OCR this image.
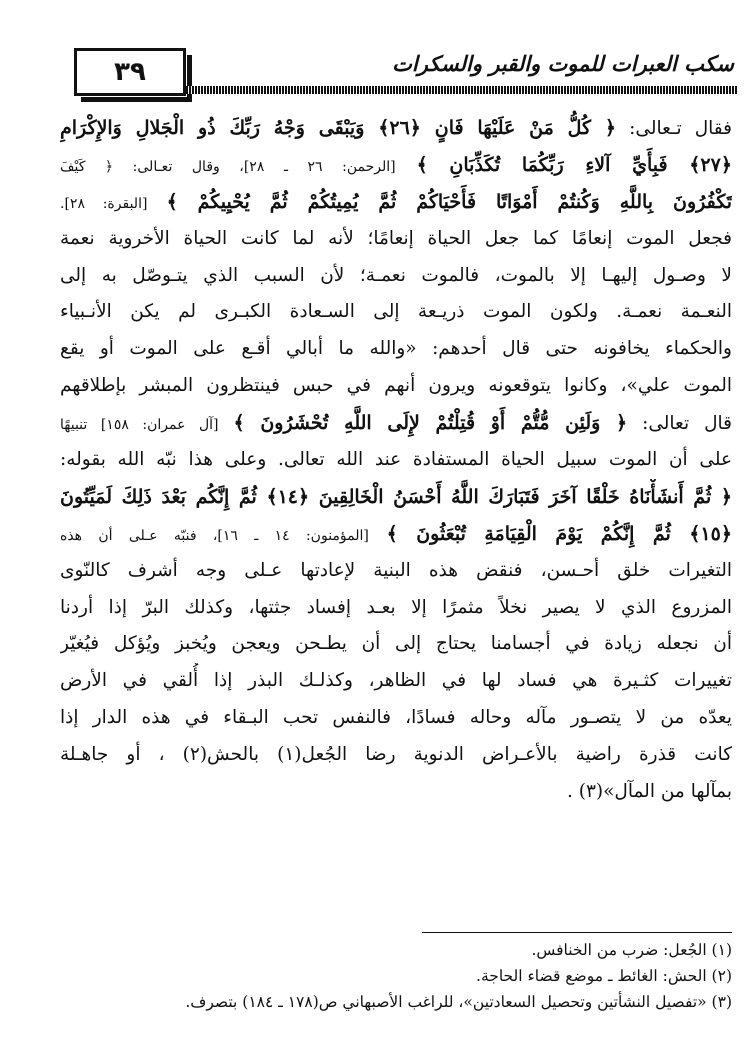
٣٩	سكب العبرات للموت والقبر والسكرات
فقال تـعالى: ﴿ كُلُّ مَنْ عَلَيْهَا فَانٍ ﴿٢٦﴾ وَيَبْقَى وَجْهُ رَبِّكَ ذُو الْجَلالِ وَالإِكْرَامِ
﴿٢٧﴾ فَبِأَيِّ آلاءِ رَبِّكُمَا تُكَذِّبَانِ ﴾ [الرحمن: ٢٦ ـ ٢٨]، وقال تعـالى: ﴿ كَيْفَ
تَكْفُرُونَ بِاللَّهِ وَكُنتُمْ أَمْوَاتًا فَأَحْيَاكُمْ ثُمَّ يُمِيتُكُمْ ثُمَّ يُحْيِيكُمْ ﴾ [البقرة: ٢٨].
فجعل الموت إنعامًا كما جعل الحياة إنعامًا؛ لأنه لما كانت الحياة الأخروية نعمة
لا وصـول إليهـا إلا بالموت، فالموت نعمـة؛ لأن السبب الذي يتـوصّل به إلى
النعـمة نعمـة. ولكون الموت ذريـعة إلى السـعادة الكبـرى لم يكن الأنـبياء
والحكماء يخافونه حتى قال أحدهم: «والله ما أبالي أقـع على الموت أو يقع
الموت علي»، وكانوا يتوقعونه ويرون أنهم في حبس فينتظرون المبشر بإطلاقهم
قال تعالى: ﴿ وَلَئِن مُّتُّمْ أَوْ قُتِلْتُمْ لإِلَى اللَّهِ تُحْشَرُونَ ﴾ [آل عمران: ١٥٨] تنبيهًا
على أن الموت سبيل الحياة المستفادة عند الله تعالى. وعلى هذا نبّه الله بقوله:
﴿ ثُمَّ أَنشَأْنَاهُ خَلْقًا آخَرَ فَتَبَارَكَ اللَّهُ أَحْسَنُ الْخَالِقِينَ ﴿١٤﴾ ثُمَّ إِنَّكُم بَعْدَ ذَلِكَ لَمَيِّتُونَ
﴿١٥﴾ ثُمَّ إِنَّكُمْ يَوْمَ الْقِيَامَةِ تُبْعَثُونَ ﴾ [المؤمنون: ١٤ ـ ١٦]، فنبّه عـلى أن هذه
التغيرات خلق أحـسن، فنقض هذه البنية لإعادتها عـلى وجه أشرف كالنّوى
المزروع الذي لا يصير نخلاً مثمرًا إلا بعـد إفساد جثتها، وكذلك البرّ إذا أردنا
أن نجعله زيادة في أجسامنا يحتاج إلى أن يطـحن ويعجن ويُخبز ويُؤكل فيُغيّر
تغييرات كثـيرة هي فساد لها في الظاهر، وكذلـك البذر إذا أُلقي في الأرض
يعدّه من لا يتصـور مآله وحاله فسادًا، فالنفس تحب البـقاء في هذه الدار إذا
كانت قذرة راضية بالأعـراض الدنوية رضا الجُعل(١) بالحش(٢) ، أو جاهـلة
بمآلها من المآل»(٣) .
(١) الجُعل: ضرب من الخنافس.
(٢) الحش: الغائط ـ موضع قضاء الحاجة.
(٣) «تفصيل النشأتين وتحصيل السعادتين»، للراغب الأصبهاني ص(١٧٨ ـ ١٨٤) بتصرف.
